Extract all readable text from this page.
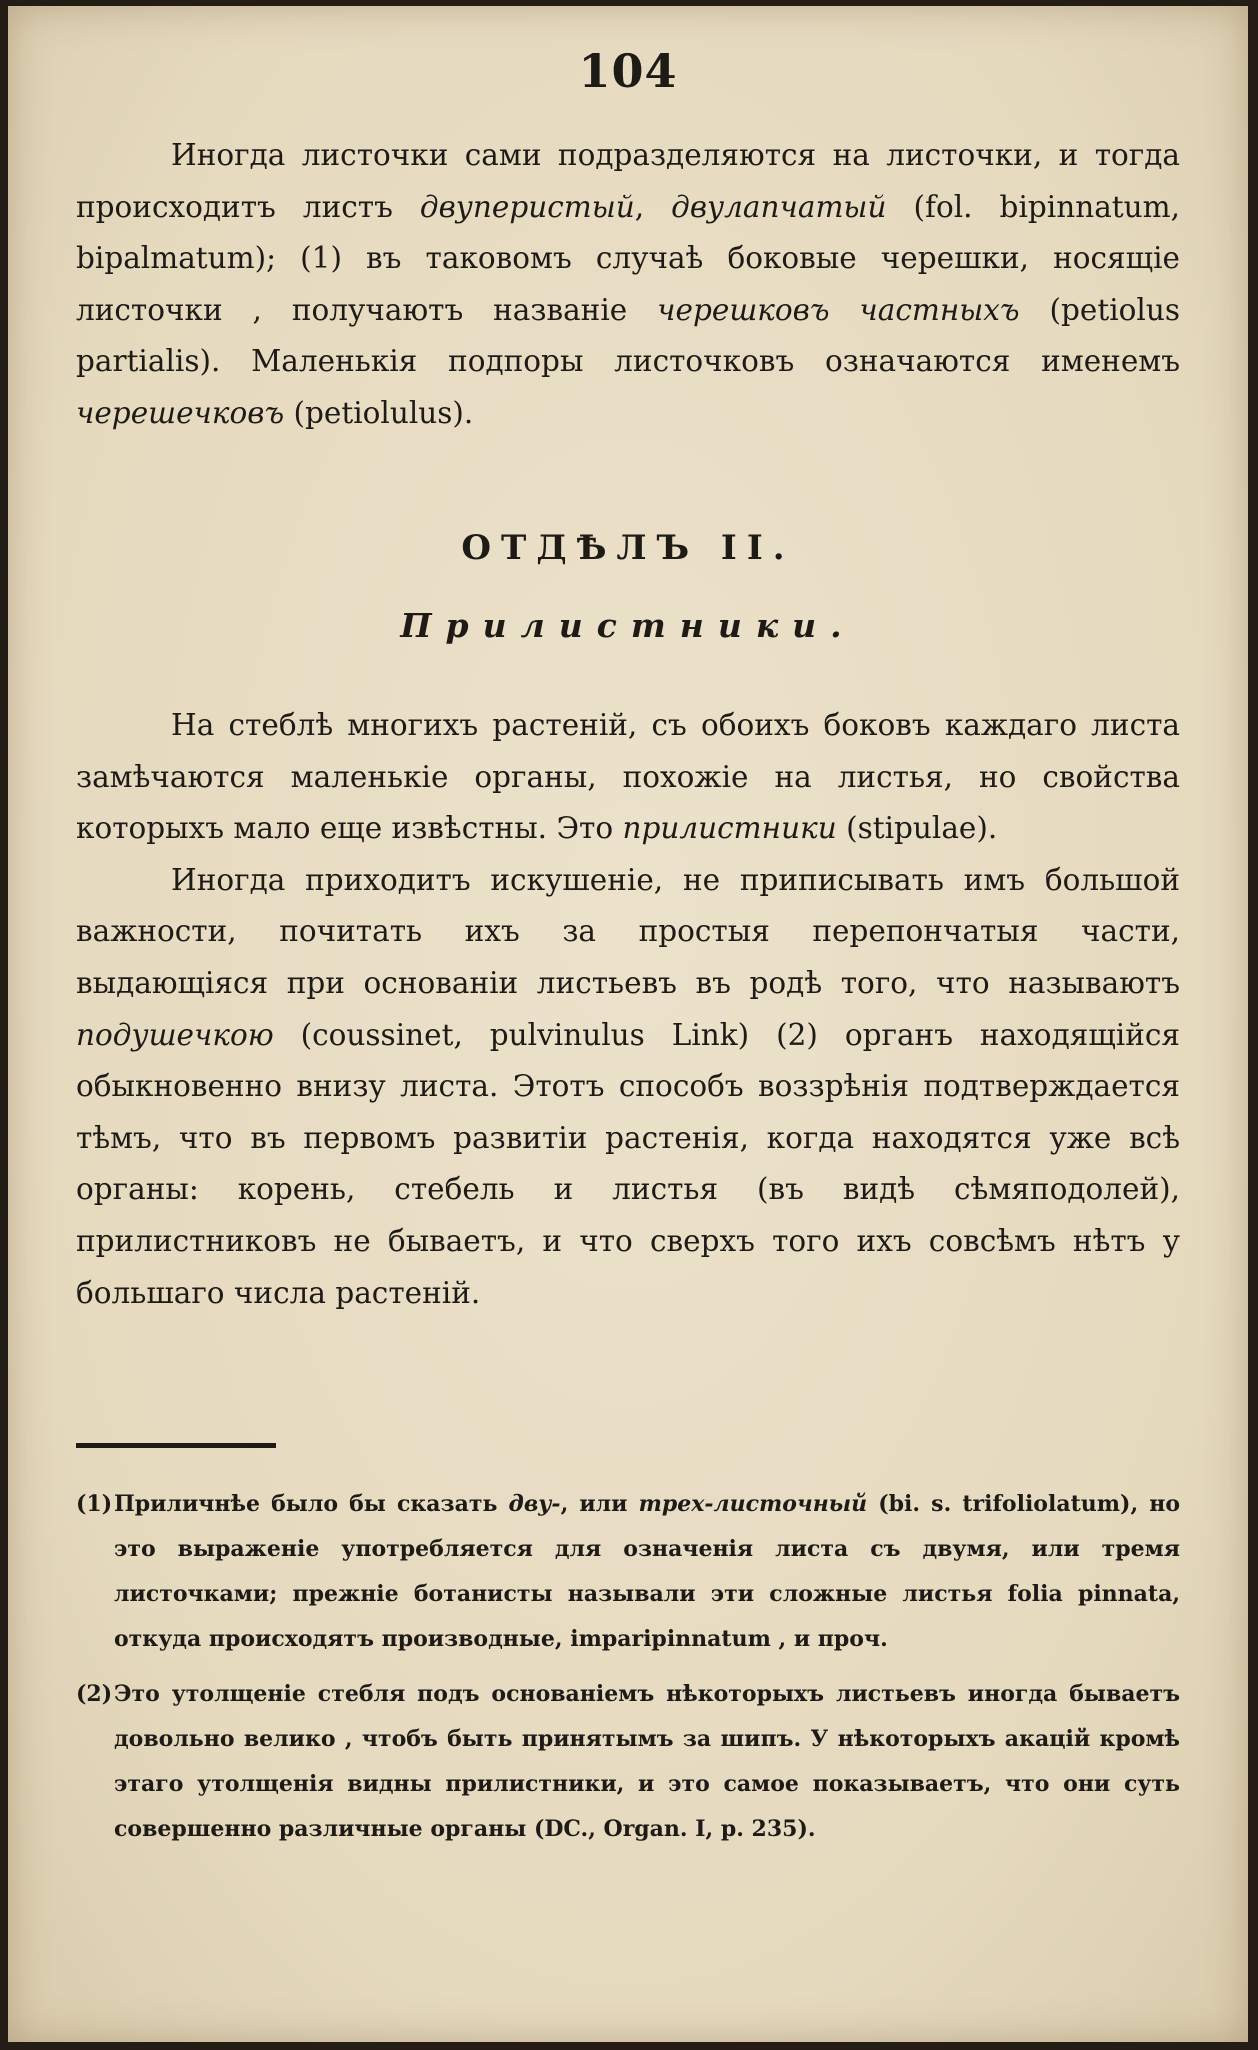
104

Иногда листочки сами подразделяются на листочки, и тогда происходитъ листъ двуперистый, двулапчатый (fol. bipinnatum, bipalmatum); (1) въ таковомъ случаѣ боковые черешки, носящіе листочки , получаютъ названіе черешковъ частныхъ (petiolus partialis). Маленькія подпоры листочковъ означаются именемъ черешечковъ (petiolulus).

ОТДѢЛЪ II.
Прилистники.

На стеблѣ многихъ растеній, съ обоихъ боковъ каждаго листа замѣчаются маленькіе органы, похожіе на листья, но свойства которыхъ мало еще извѣстны. Это прилистники (stipulae).

Иногда приходитъ искушеніе, не приписывать имъ большой важности, почитать ихъ за простыя перепончатыя части, выдающіяся при основаніи листьевъ въ родѣ того, что называютъ подушечкою (coussinet, pulvinulus Link) (2) органъ находящійся обыкновенно внизу листа. Этотъ способъ воззрѣнія подтверждается тѣмъ, что въ первомъ развитіи растенія, когда находятся уже всѣ органы: корень, стебель и листья (въ видѣ сѣмяподолей), прилистниковъ не бываетъ, и что сверхъ того ихъ совсѣмъ нѣтъ у большаго числа растеній.

(1)Приличнѣе было бы сказать дву-, или трех-листочный (bi. s. trifoliolatum), но это выраженіе употребляется для означенія листа съ двумя, или тремя листочками; прежніе ботанисты называли эти сложные листья folia pinnata, откуда происходятъ производные, imparipinnatum , и проч.

(2)Это утолщеніе стебля подъ основаніемъ нѣкоторыхъ листьевъ иногда бываетъ довольно велико , чтобъ быть принятымъ за шипъ. У нѣкоторыхъ акацій кромѣ этаго утолщенія видны прилистники, и это самое показываетъ, что они суть совершенно различные органы (DC., Organ. I, p. 235).
